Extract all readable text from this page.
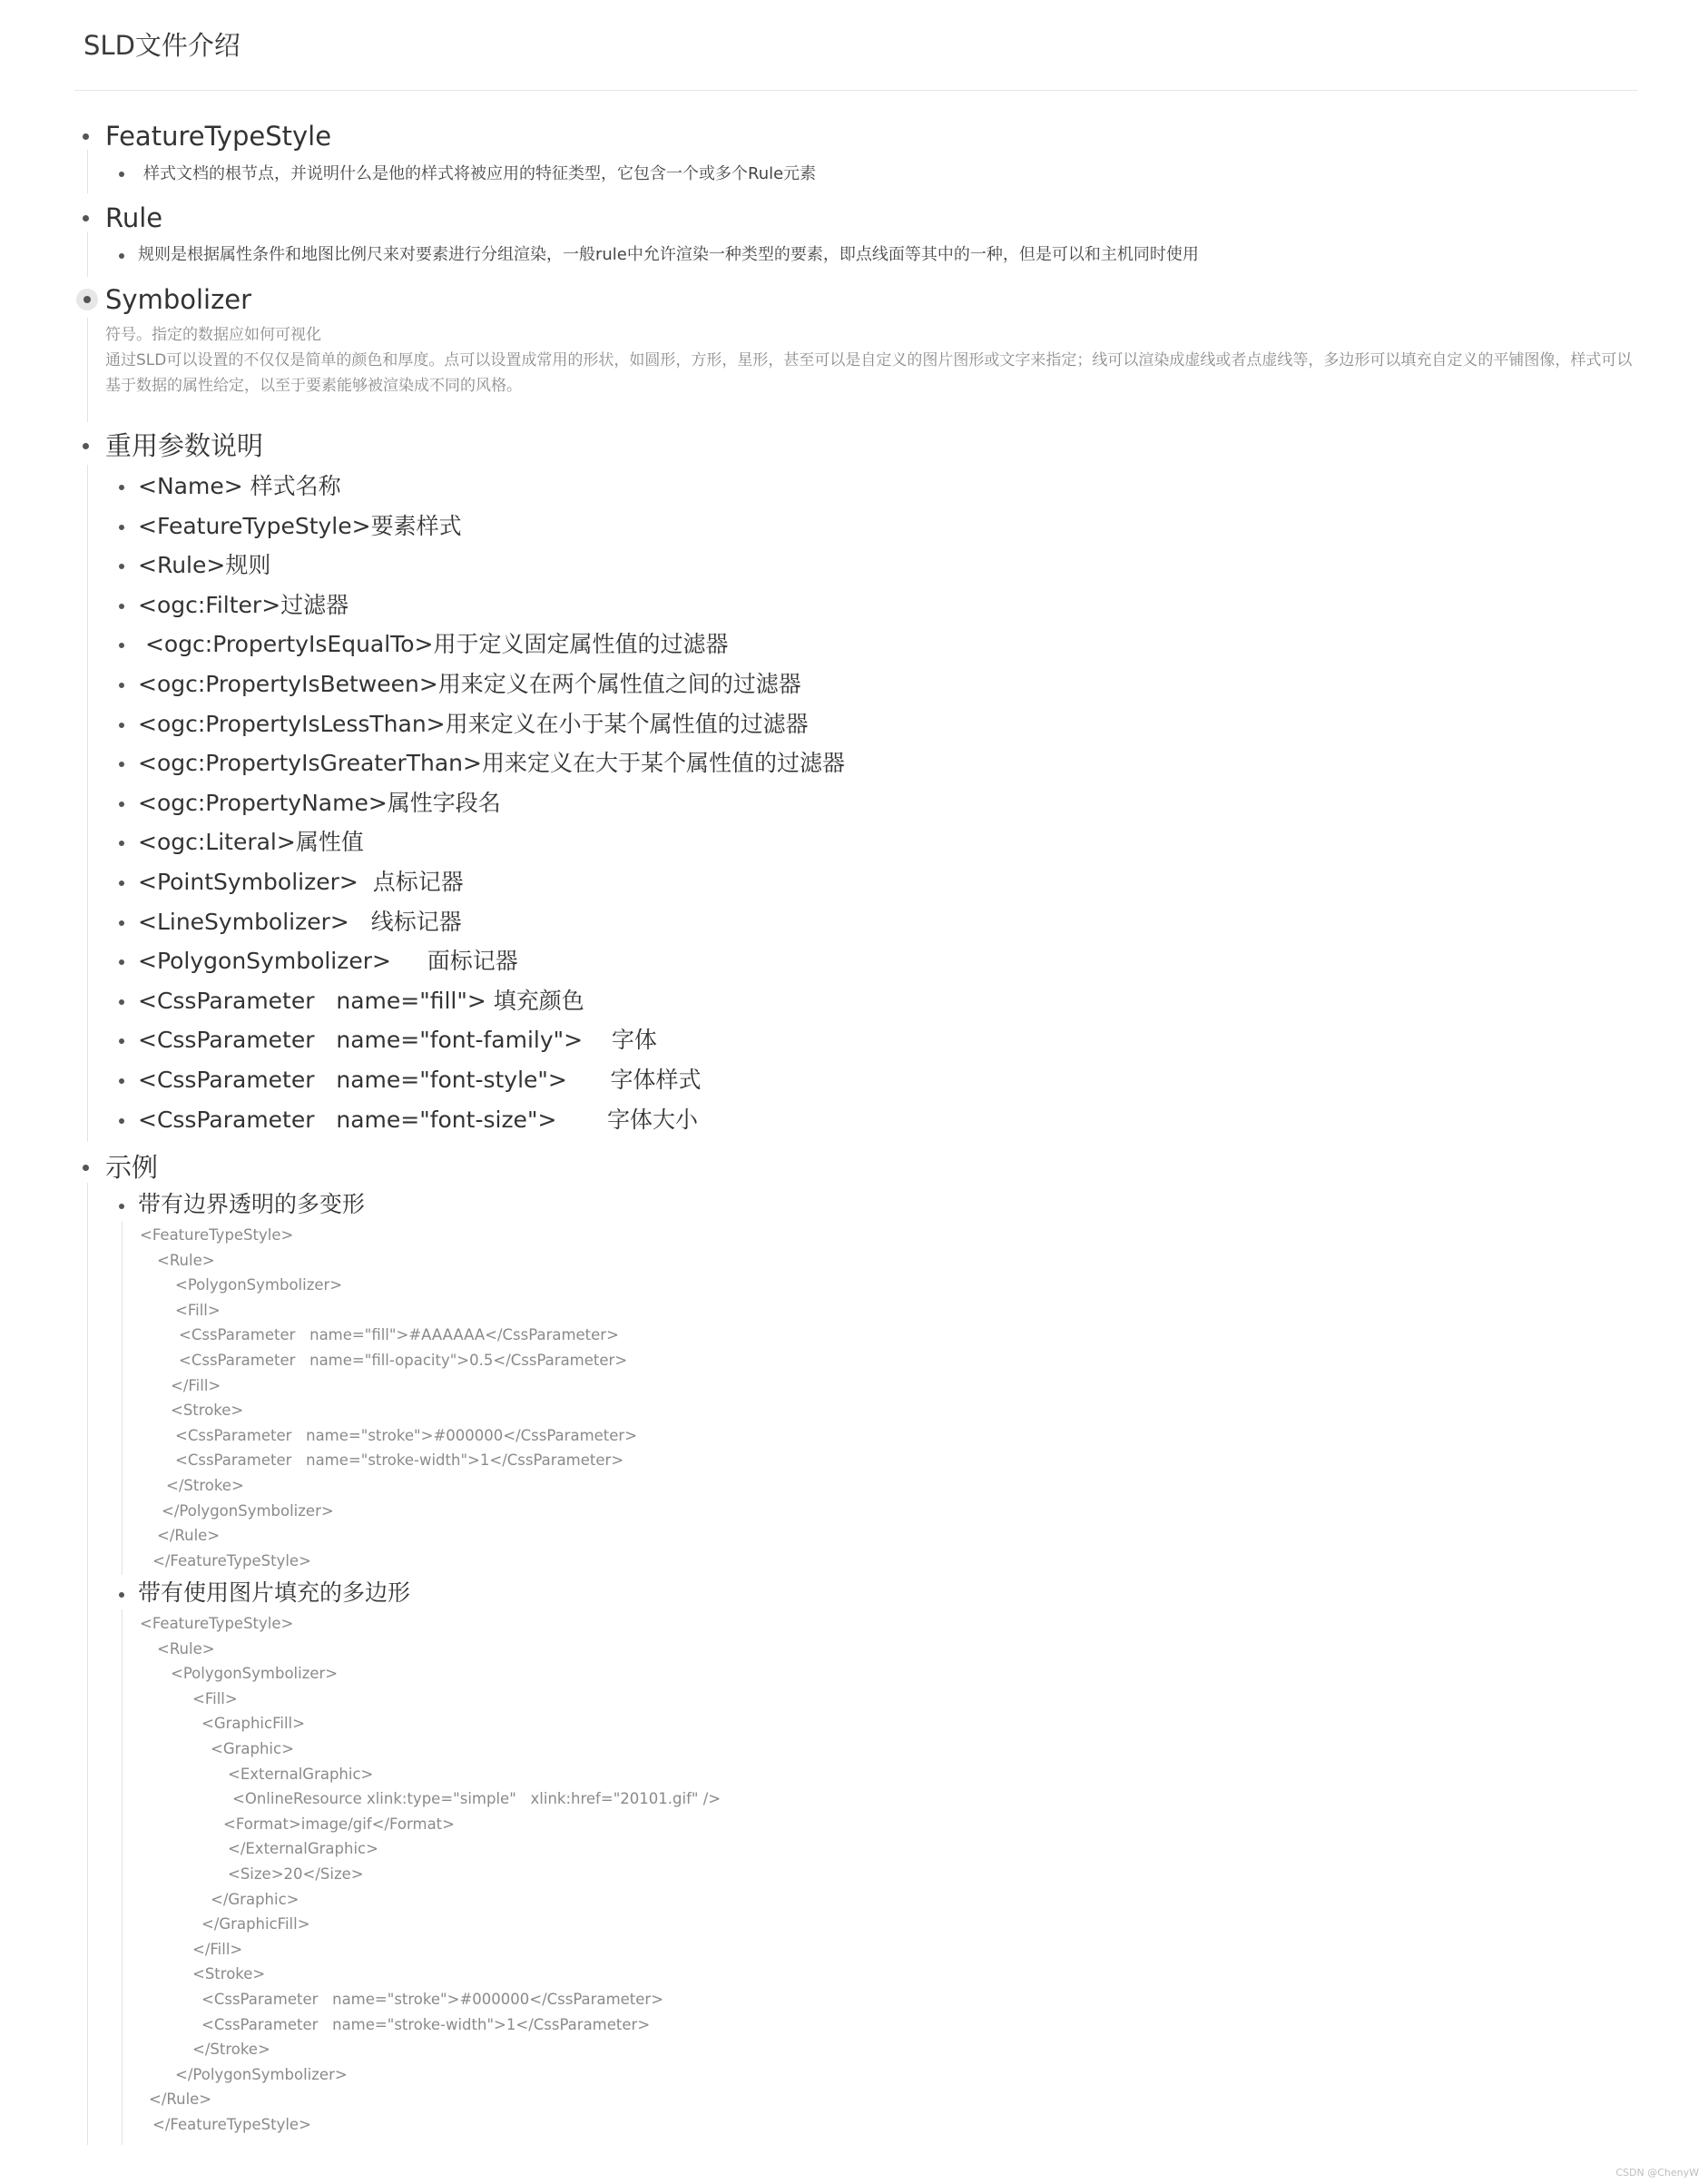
SLD文件介绍
FeatureTypeStyle
样式文档的根节点，并说明什么是他的样式将被应用的特征类型，它包含一个或多个Rule元素
Rule
规则是根据属性条件和地图比例尺来对要素进行分组渲染，一般rule中允许渲染一种类型的要素，即点线面等其中的一种，但是可以和主机同时使用
Symbolizer
符号。指定的数据应如何可视化
通过SLD可以设置的不仅仅是简单的颜色和厚度。点可以设置成常用的形状，如圆形，方形，星形，甚至可以是自定义的图片图形或文字来指定；线可以渲染成虚线或者点虚线等，多边形可以填充自定义的平铺图像，样式可以基于数据的属性给定，以至于要素能够被渲染成不同的风格。
重用参数说明
<Name> 样式名称
<FeatureTypeStyle>要素样式
<Rule>规则
<ogc:Filter>过滤器
<ogc:PropertyIsEqualTo>用于定义固定属性值的过滤器
<ogc:PropertyIsBetween>用来定义在两个属性值之间的过滤器
<ogc:PropertyIsLessThan>用来定义在小于某个属性值的过滤器
<ogc:PropertyIsGreaterThan>用来定义在大于某个属性值的过滤器
<ogc:PropertyName>属性字段名
<ogc:Literal>属性值
<PointSymbolizer>  点标记器
<LineSymbolizer>   线标记器
<PolygonSymbolizer>     面标记器
<CssParameter   name="fill"> 填充颜色
<CssParameter   name="font-family">    字体
<CssParameter   name="font-style">      字体样式
<CssParameter   name="font-size">       字体大小
示例
带有边界透明的多变形
<FeatureTypeStyle>
<Rule>
<PolygonSymbolizer>
<Fill>
<CssParameter   name="fill">#AAAAAA</CssParameter>
<CssParameter   name="fill-opacity">0.5</CssParameter>
</Fill>
<Stroke>
<CssParameter   name="stroke">#000000</CssParameter>
<CssParameter   name="stroke-width">1</CssParameter>
</Stroke>
</PolygonSymbolizer>
</Rule>
</FeatureTypeStyle>
带有使用图片填充的多边形
<FeatureTypeStyle>
<Rule>
<PolygonSymbolizer>
<Fill>
<GraphicFill>
<Graphic>
<ExternalGraphic>
<OnlineResource xlink:type="simple"   xlink:href="20101.gif" />
<Format>image/gif</Format>
</ExternalGraphic>
<Size>20</Size>
</Graphic>
</GraphicFill>
</Fill>
<Stroke>
<CssParameter   name="stroke">#000000</CssParameter>
<CssParameter   name="stroke-width">1</CssParameter>
</Stroke>
</PolygonSymbolizer>
</Rule>
</FeatureTypeStyle>
CSDN @ChenyW
